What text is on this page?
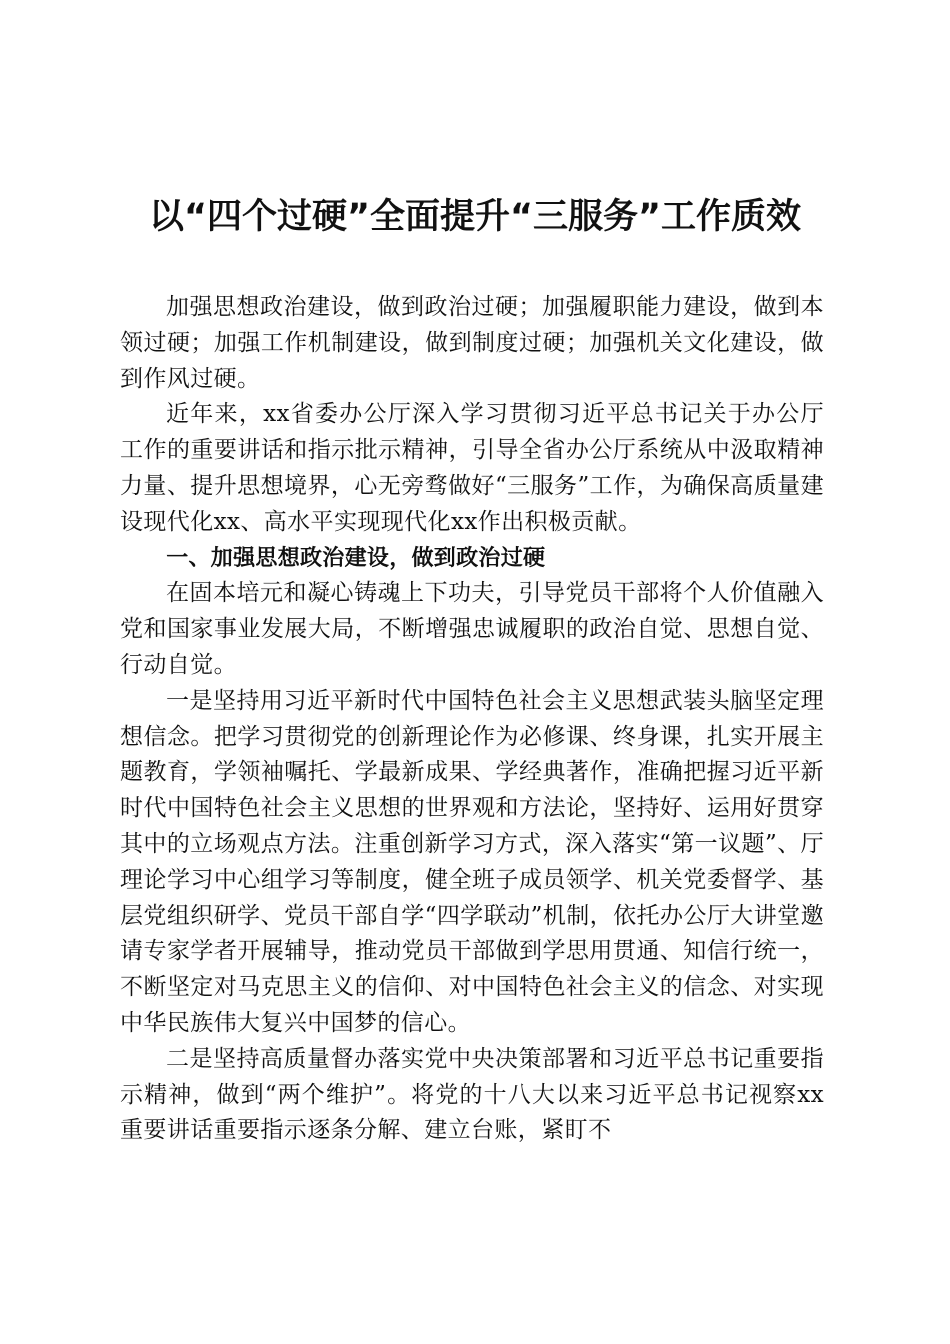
以“四个过硬”全面提升“三服务”工作质效

加强思想政治建设，做到政治过硬；加强履职能力建设，做到本领过硬；加强工作机制建设，做到制度过硬；加强机关文化建设，做到作风过硬。

近年来，xx省委办公厅深入学习贯彻习近平总书记关于办公厅工作的重要讲话和指示批示精神，引导全省办公厅系统从中汲取精神力量、提升思想境界，心无旁骛做好“三服务”工作，为确保高质量建设现代化xx、高水平实现现代化xx作出积极贡献。

一、加强思想政治建设，做到政治过硬

在固本培元和凝心铸魂上下功夫，引导党员干部将个人价值融入党和国家事业发展大局，不断增强忠诚履职的政治自觉、思想自觉、行动自觉。

一是坚持用习近平新时代中国特色社会主义思想武装头脑坚定理想信念。把学习贯彻党的创新理论作为必修课、终身课，扎实开展主题教育，学领袖嘱托、学最新成果、学经典著作，准确把握习近平新时代中国特色社会主义思想的世界观和方法论，坚持好、运用好贯穿其中的立场观点方法。注重创新学习方式，深入落实“第一议题”、厅理论学习中心组学习等制度，健全班子成员领学、机关党委督学、基层党组织研学、党员干部自学“四学联动”机制，依托办公厅大讲堂邀请专家学者开展辅导，推动党员干部做到学思用贯通、知信行统一，不断坚定对马克思主义的信仰、对中国特色社会主义的信念、对实现中华民族伟大复兴中国梦的信心。

二是坚持高质量督办落实党中央决策部署和习近平总书记重要指示精神，做到“两个维护”。将党的十八大以来习近平总书记视察xx重要讲话重要指示逐条分解、建立台账，紧盯不
